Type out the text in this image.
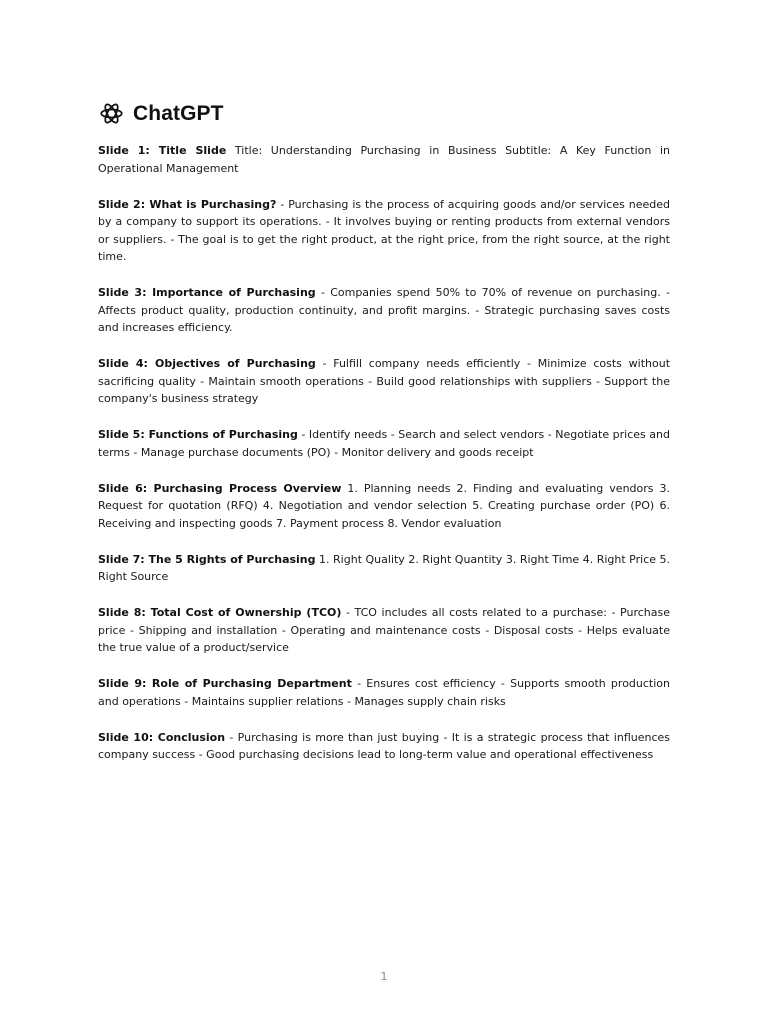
ChatGPT

Slide 1: Title Slide Title: Understanding Purchasing in Business Subtitle: A Key Function in Operational Management

Slide 2: What is Purchasing? - Purchasing is the process of acquiring goods and/or services needed by a company to support its operations. - It involves buying or renting products from external vendors or suppliers. - The goal is to get the right product, at the right price, from the right source, at the right time.

Slide 3: Importance of Purchasing - Companies spend 50% to 70% of revenue on purchasing. - Affects product quality, production continuity, and profit margins. - Strategic purchasing saves costs and increases efficiency.

Slide 4: Objectives of Purchasing - Fulfill company needs efficiently - Minimize costs without sacrificing quality - Maintain smooth operations - Build good relationships with suppliers - Support the company's business strategy

Slide 5: Functions of Purchasing - Identify needs - Search and select vendors - Negotiate prices and terms - Manage purchase documents (PO) - Monitor delivery and goods receipt

Slide 6: Purchasing Process Overview 1. Planning needs 2. Finding and evaluating vendors 3. Request for quotation (RFQ) 4. Negotiation and vendor selection 5. Creating purchase order (PO) 6. Receiving and inspecting goods 7. Payment process 8. Vendor evaluation

Slide 7: The 5 Rights of Purchasing 1. Right Quality 2. Right Quantity 3. Right Time 4. Right Price 5. Right Source

Slide 8: Total Cost of Ownership (TCO) - TCO includes all costs related to a purchase: - Purchase price - Shipping and installation - Operating and maintenance costs - Disposal costs - Helps evaluate the true value of a product/service

Slide 9: Role of Purchasing Department - Ensures cost efficiency - Supports smooth production and operations - Maintains supplier relations - Manages supply chain risks

Slide 10: Conclusion - Purchasing is more than just buying - It is a strategic process that influences company success - Good purchasing decisions lead to long-term value and operational effectiveness

1
